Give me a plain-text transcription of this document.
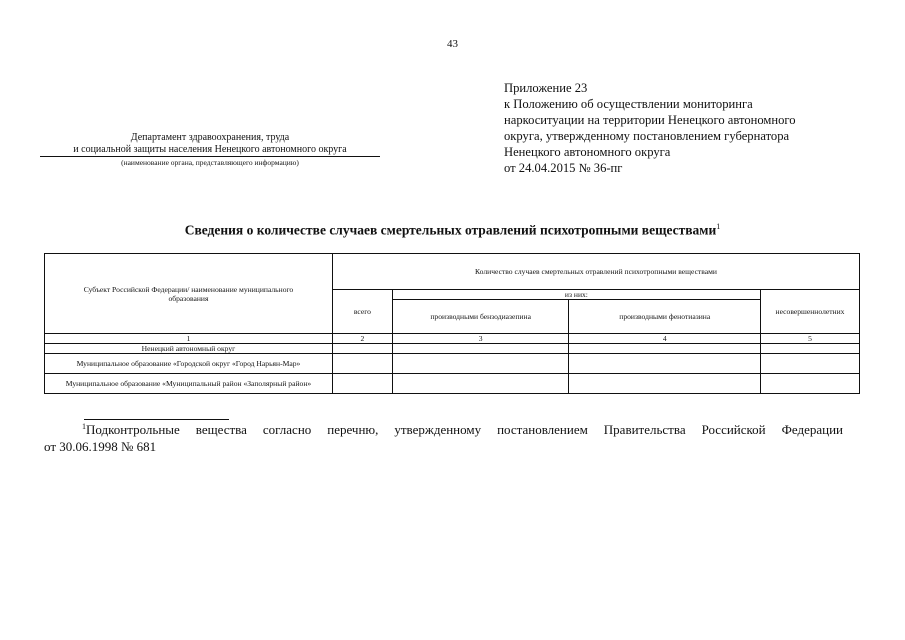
43
Приложение 23
к Положению об осуществлении мониторинга
наркоситуации на территории Ненецкого автономного
округа, утвержденному постановлением губернатора
Ненецкого автономного округа
от 24.04.2015 № 36-пг
Департамент здравоохранения, труда
и социальной защиты населения Ненецкого автономного округа
(наименование органа, представляющего информацию)
Сведения о количестве случаев смертельных отравлений психотропными веществами$^1$
Субъект Российской Федерации/ наименование муниципального образования	Количество случаев смертельных отравлений психотропными веществами			
	всего	из них:		несовершеннолетних
		производными бензодиазепина	производными фенотиазина	
1	2	3	4	5
Ненецкий автономный округ				
Муниципальное образование «Городской округ «Город Нарьян-Мар»				
Муниципальное образование «Муниципальный район «Заполярный район»				
$^1$Подконтрольные вещества согласно перечню, утвержденному постановлением Правительства Российской Федерации
от 30.06.1998 № 681
